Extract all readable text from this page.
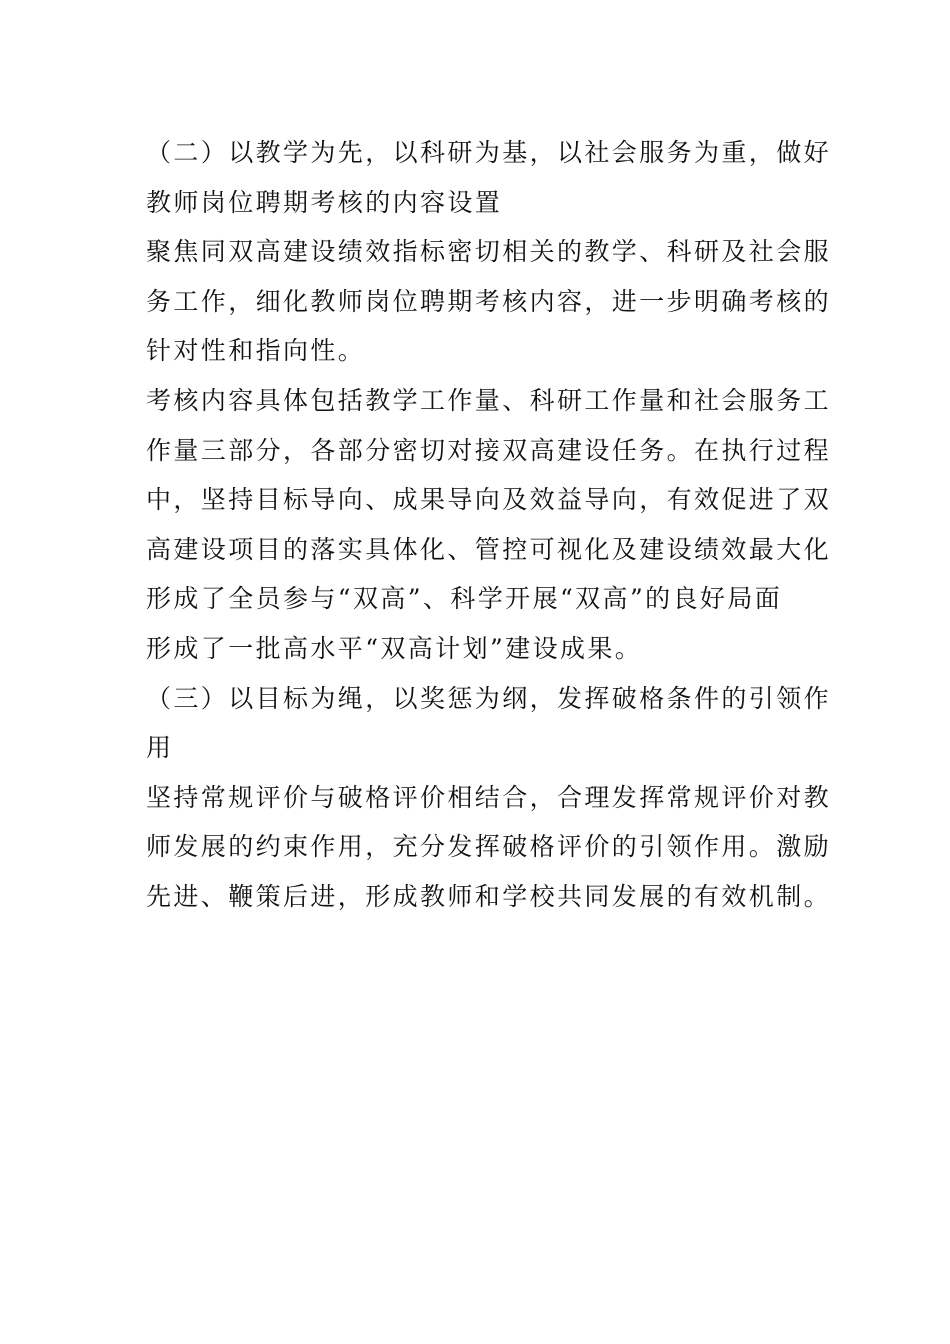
（二）以教学为先，以科研为基，以社会服务为重，做好
教师岗位聘期考核的内容设置
聚焦同双高建设绩效指标密切相关的教学、科研及社会服
务工作，细化教师岗位聘期考核内容，进一步明确考核的
针对性和指向性。
考核内容具体包括教学工作量、科研工作量和社会服务工
作量三部分，各部分密切对接双高建设任务。在执行过程
中，坚持目标导向、成果导向及效益导向，有效促进了双
高建设项目的落实具体化、管控可视化及建设绩效最大化
形成了全员参与“双高”、科学开展“双高”的良好局面
形成了一批高水平“双高计划”建设成果。
（三）以目标为绳，以奖惩为纲，发挥破格条件的引领作
用
坚持常规评价与破格评价相结合，合理发挥常规评价对教
师发展的约束作用，充分发挥破格评价的引领作用。激励
先进、鞭策后进，形成教师和学校共同发展的有效机制。
